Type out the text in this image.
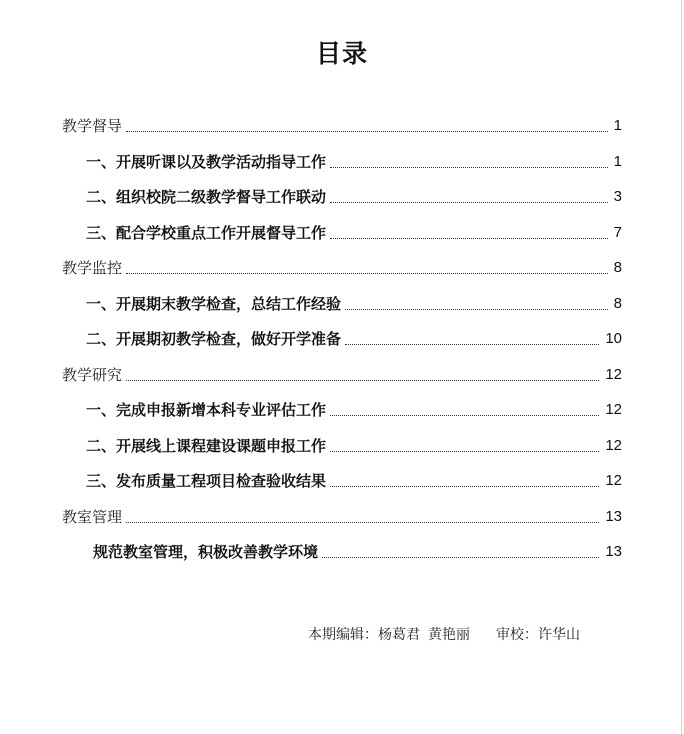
目录
教学督导	1
一、开展听课以及教学活动指导工作	1
二、组织校院二级教学督导工作联动	3
三、配合学校重点工作开展督导工作	7
教学监控	8
一、开展期末教学检查，总结工作经验	8
二、开展期初教学检查，做好开学准备	10
教学研究	12
一、完成申报新增本科专业评估工作	12
二、开展线上课程建设课题申报工作	12
三、发布质量工程项目检查验收结果	12
教室管理	13
规范教室管理，积极改善教学环境	13
本期编辑：杨葛君 黄艳丽 审校：许华山
